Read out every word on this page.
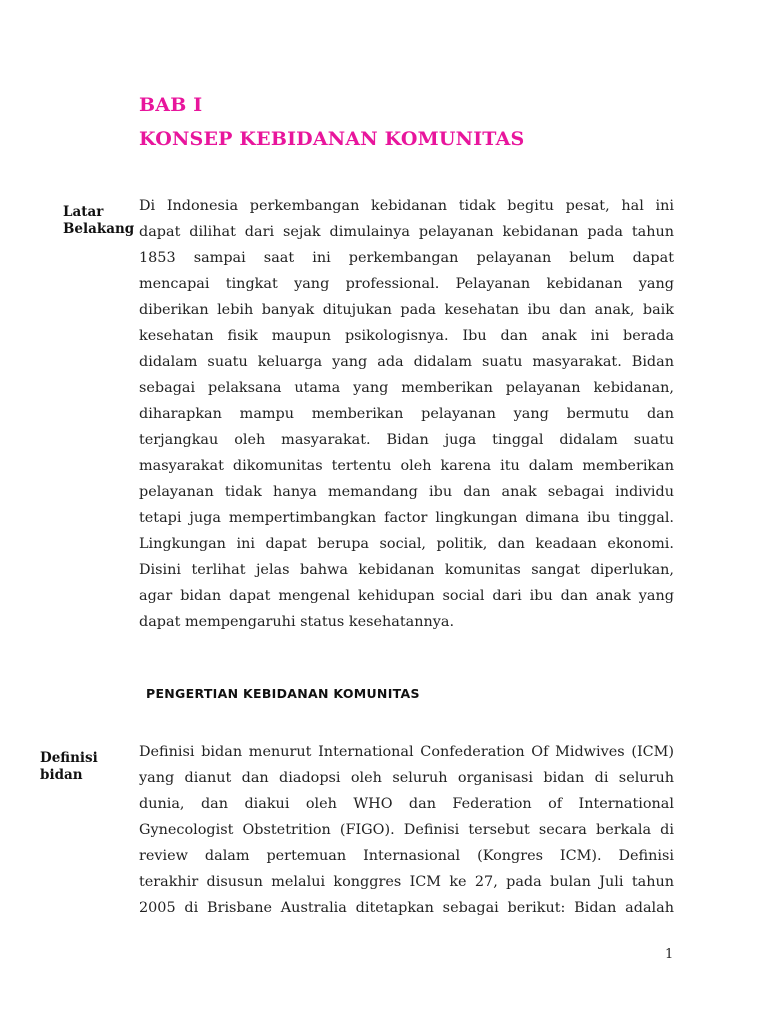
BAB I
KONSEP KEBIDANAN KOMUNITAS
Latar
Belakang
Di Indonesia perkembangan kebidanan tidak begitu pesat, hal ini
dapat dilihat dari sejak dimulainya pelayanan kebidanan pada tahun
1853 sampai saat ini perkembangan pelayanan belum dapat
mencapai tingkat yang professional. Pelayanan kebidanan yang
diberikan lebih banyak ditujukan pada kesehatan ibu dan anak, baik
kesehatan fisik maupun psikologisnya. Ibu dan anak ini berada
didalam suatu keluarga yang ada didalam suatu masyarakat. Bidan
sebagai pelaksana utama yang memberikan pelayanan kebidanan,
diharapkan mampu memberikan pelayanan yang bermutu dan
terjangkau oleh masyarakat. Bidan juga tinggal didalam suatu
masyarakat dikomunitas tertentu oleh karena itu dalam memberikan
pelayanan tidak hanya memandang ibu dan anak sebagai individu
tetapi juga mempertimbangkan factor lingkungan dimana ibu tinggal.
Lingkungan ini dapat berupa social, politik, dan keadaan ekonomi.
Disini terlihat jelas bahwa kebidanan komunitas sangat diperlukan,
agar bidan dapat mengenal kehidupan social dari ibu dan anak yang
dapat mempengaruhi status kesehatannya.
PENGERTIAN KEBIDANAN KOMUNITAS
Definisi
bidan
Definisi bidan menurut International Confederation Of Midwives (ICM)
yang dianut dan diadopsi oleh seluruh organisasi bidan di seluruh
dunia, dan diakui oleh WHO dan Federation of International
Gynecologist Obstetrition (FIGO). Definisi tersebut secara berkala di
review dalam pertemuan Internasional (Kongres ICM). Definisi
terakhir disusun melalui konggres ICM ke 27, pada bulan Juli tahun
2005 di Brisbane Australia ditetapkan sebagai berikut: Bidan adalah
1
